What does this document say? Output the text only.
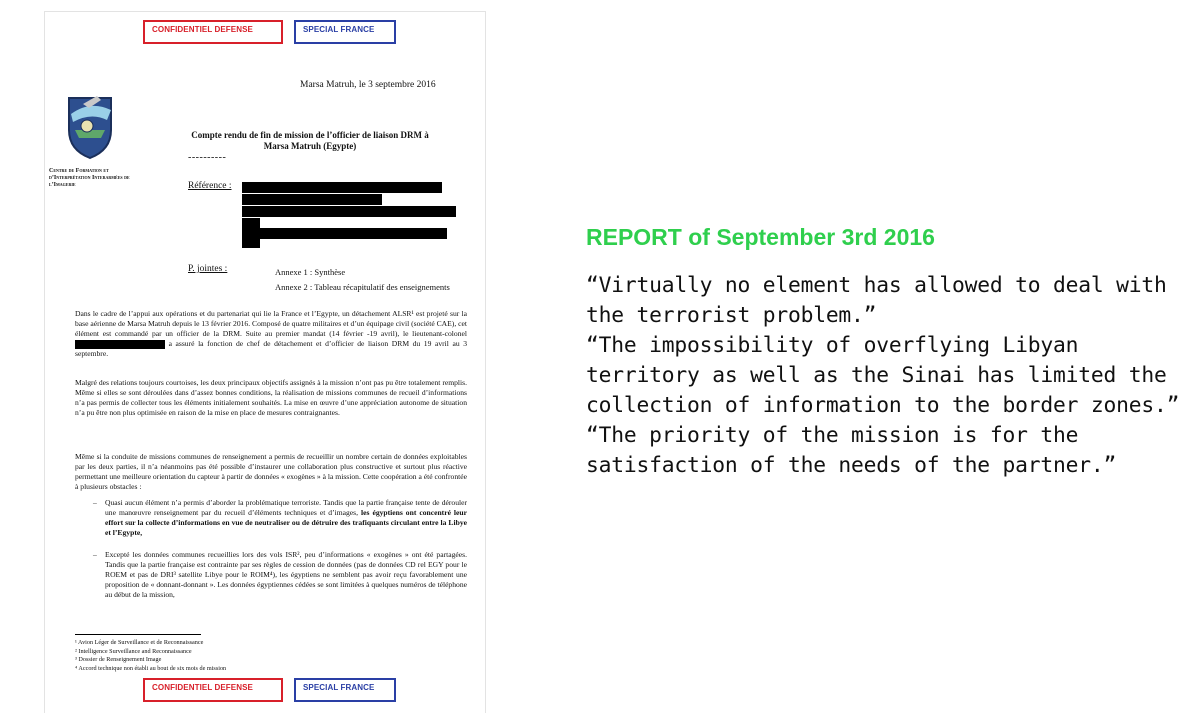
CONFIDENTIEL DEFENSE	SPECIAL FRANCE
Centre de Formation et
d’Interprétation Interarmées de
l’Imagerie
Marsa Matruh, le 3 septembre 2016
Compte rendu de fin de mission de l’officier de liaison DRM à Marsa Matruh (Egypte)
----------
Référence :
P. jointes :	Annexe 1 : Synthèse
Annexe 2 : Tableau récapitulatif des enseignements
Dans le cadre de l’appui aux opérations et du partenariat qui lie la France et l’Egypte, un détachement ALSR¹ est projeté sur la base aérienne de Marsa Matruh depuis le 13 février 2016. Composé de quatre militaires et d’un équipage civil (société CAE), cet élément est commandé par un officier de la DRM. Suite au premier mandat (14 février -19 avril), le lieutenant-colonel  a assuré la fonction de chef de détachement et d’officier de liaison DRM du 19 avril au 3 septembre.
Malgré des relations toujours courtoises, les deux principaux objectifs assignés à la mission n’ont pas pu être totalement remplis. Même si elles se sont déroulées dans d’assez bonnes conditions, la réalisation de missions communes de recueil d’informations n’a pas permis de collecter tous les éléments initialement souhaités. La mise en œuvre d’une appréciation autonome de situation n’a pu être non plus optimisée en raison de la mise en place de mesures contraignantes.
Même si la conduite de missions communes de renseignement a permis de recueillir un nombre certain de données exploitables par les deux parties, il n’a néanmoins pas été possible d’instaurer une collaboration plus constructive et surtout plus réactive permettant une meilleure orientation du capteur à partir de données « exogènes » à la mission. Cette coopération a été confrontée à plusieurs obstacles :
– Quasi aucun élément n’a permis d’aborder la problématique terroriste. Tandis que la partie française tente de dérouler une manœuvre renseignement par du recueil d’éléments techniques et d’images, les égyptiens ont concentré leur effort sur la collecte d’informations en vue de neutraliser ou de détruire des trafiquants circulant entre la Libye et l’Egypte,
– Excepté les données communes recueillies lors des vols ISR², peu d’informations « exogènes » ont été partagées. Tandis que la partie française est contrainte par ses règles de cession de données (pas de données CD rel EGY pour le ROEM et pas de DRI³ satellite Libye pour le ROIM⁴), les égyptiens ne semblent pas avoir reçu favorablement une proposition de « donnant-donnant ». Les données égyptiennes cédées se sont limitées à quelques numéros de téléphone au début de la mission,
¹ Avion Léger de Surveillance et de Reconnaissance
² Intelligence Surveillance and Reconnaissance
³ Dossier de Renseignement Image
⁴ Accord technique non établi au bout de six mois de mission
CONFIDENTIEL DEFENSE	SPECIAL FRANCE
REPORT of September 3rd 2016

“Virtually no element has allowed to deal with the terrorist problem.”

“The impossibility of overflying Libyan territory as well as the Sinai has limited the collection of information to the border zones.”

“The priority of the mission is for the satisfaction of the needs of the partner.”
